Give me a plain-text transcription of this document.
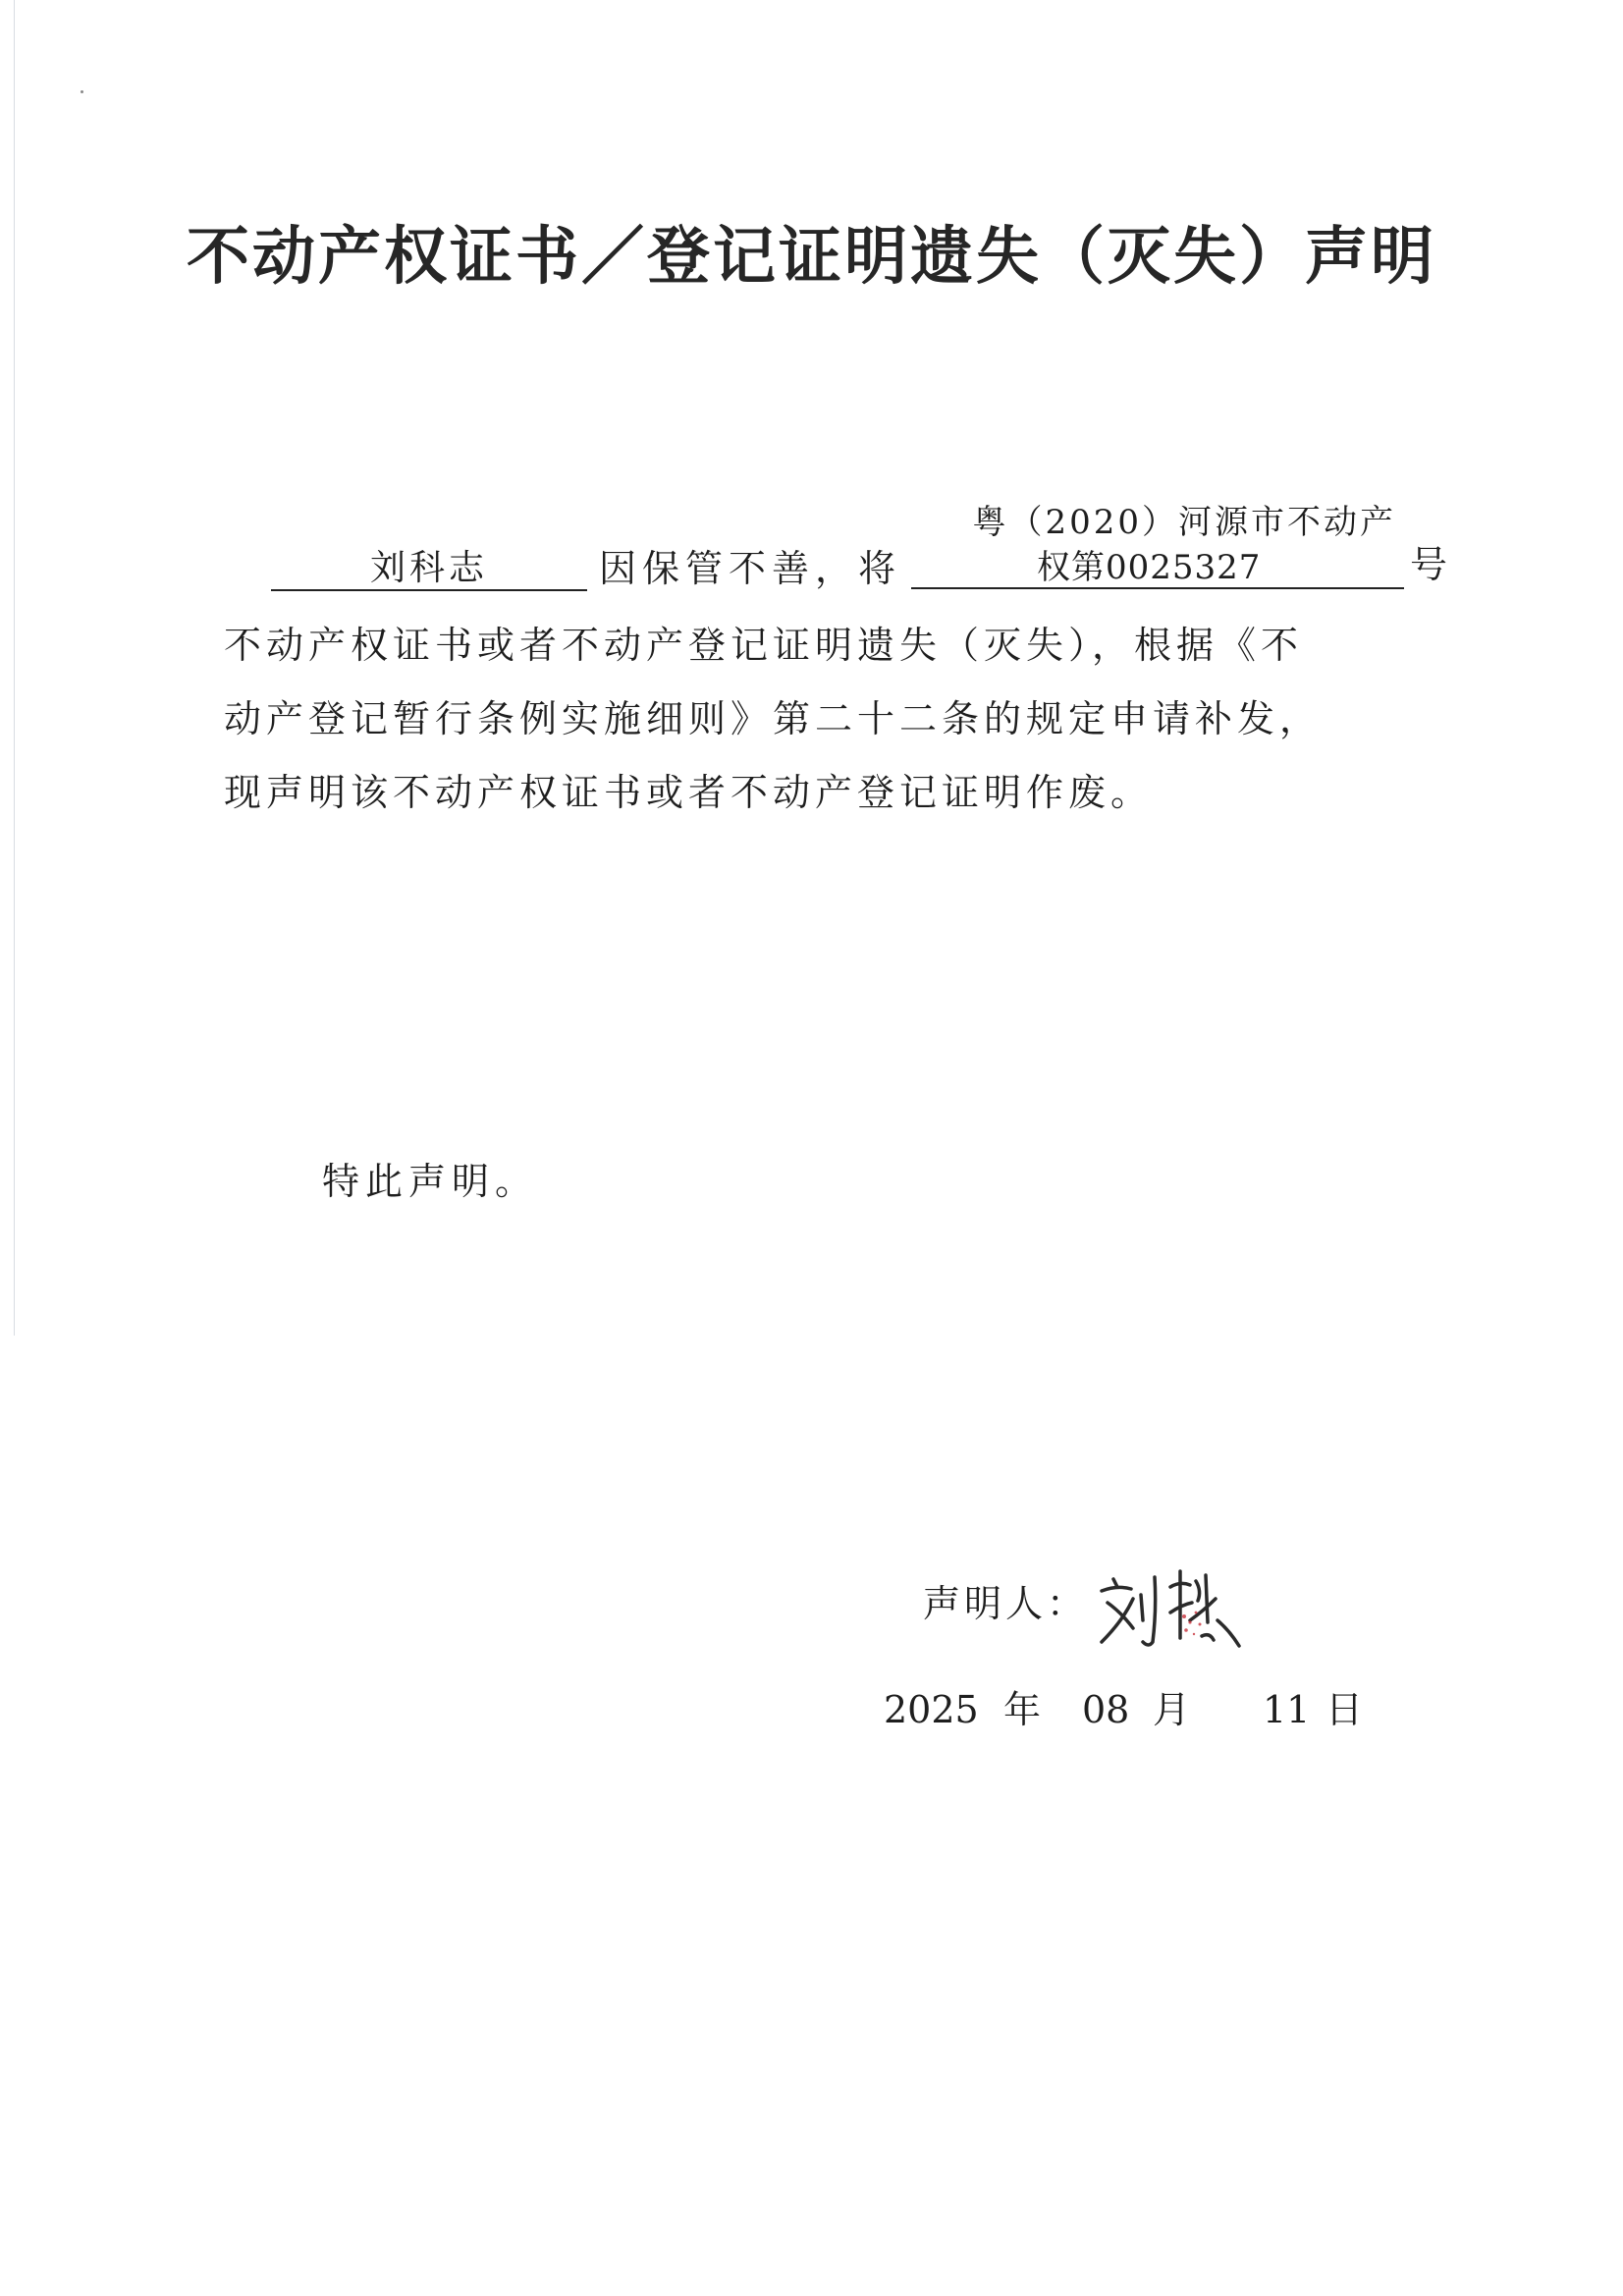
不动产权证书／登记证明遗失（灭失）声明
刘科志	因保管不善，将
粤（2020）河源市不动产
权第0025327	号

不动产权证书或者不动产登记证明遗失（灭失），根据《不

动产登记暂行条例实施细则》第二十二条的规定申请补发，

现声明该不动产权证书或者不动产登记证明作废。

特此声明。
声明人：
2025 年 08 月 11 日
